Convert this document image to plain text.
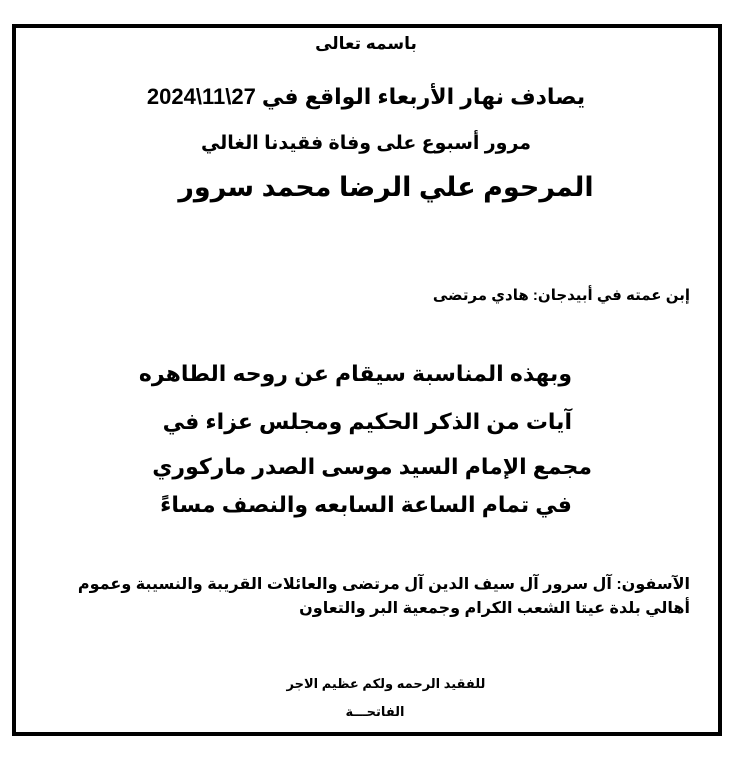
باسمه تعالى
يصادف نهار الأربعاء الواقع في 27\11\2024
مرور أسبوع على وفاة فقيدنا الغالي
المرحوم علي الرضا محمد سرور
إبن عمته في أبيدجان: هادي مرتضى
وبهذه المناسبة سيقام عن روحه الطاهره
آيات من الذكر الحكيم ومجلس عزاء في
مجمع الإمام السيد موسى الصدر ماركوري
في تمام الساعة السابعه والنصف مساءً
الآسفون: آل سرور آل سيف الدين آل مرتضى والعائلات القريبة والنسيبة وعموم
أهالي بلدة عيتا الشعب الكرام وجمعية البر والتعاون
للفقيد الرحمه ولكم عظيم الاجر
الفاتحـــة
